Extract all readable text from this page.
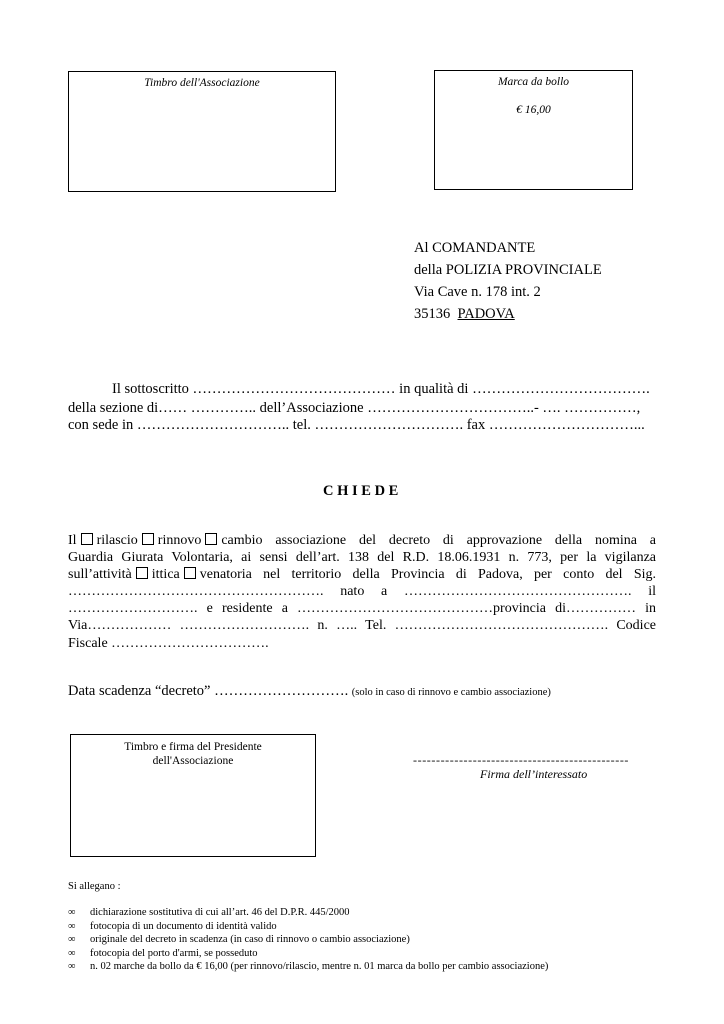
Timbro dell'Associazione	Marca da bollo
€ 16,00
Al COMANDANTE
della POLIZIA PROVINCIALE
Via Cave n. 178 int. 2
35136 PADOVA
Il sottoscritto …………………………………… in qualità di ……………………………….
della sezione di…… ………….. dell’Associazione ……………………………..- …. ……………,
con sede in ………………………….. tel. …………………………. fax …………………………...
C H I E D E
Il rilascio rinnovo cambio associazione del decreto di approvazione della nomina a
Guardia Giurata Volontaria, ai sensi dell’art. 138 del R.D. 18.06.1931 n. 773, per la vigilanza
sull’attività ittica venatoria nel territorio della Provincia di Padova, per conto del Sig.
………………………………………………. nato a …………………………………………. il
………………………. e residente a ……………………………………provincia di…………… in
Via……………… ………………………. n. ….. Tel. ………………………………………. Codice
Fiscale …………………………….
Data scadenza “decreto” ………………………. (solo in caso di rinnovo e cambio associazione)
Timbro e firma del Presidente
dell'Associazione	-----------------------------------------------
Firma dell’interessato
Si allegano :
∞ dichiarazione sostitutiva di cui all’art. 46 del D.P.R. 445/2000
∞ fotocopia di un documento di identità valido
∞ originale del decreto in scadenza (in caso di rinnovo o cambio associazione)
∞ fotocopia del porto d'armi, se posseduto
∞ n. 02 marche da bollo da € 16,00 (per rinnovo/rilascio, mentre n. 01 marca da bollo per cambio associazione)
